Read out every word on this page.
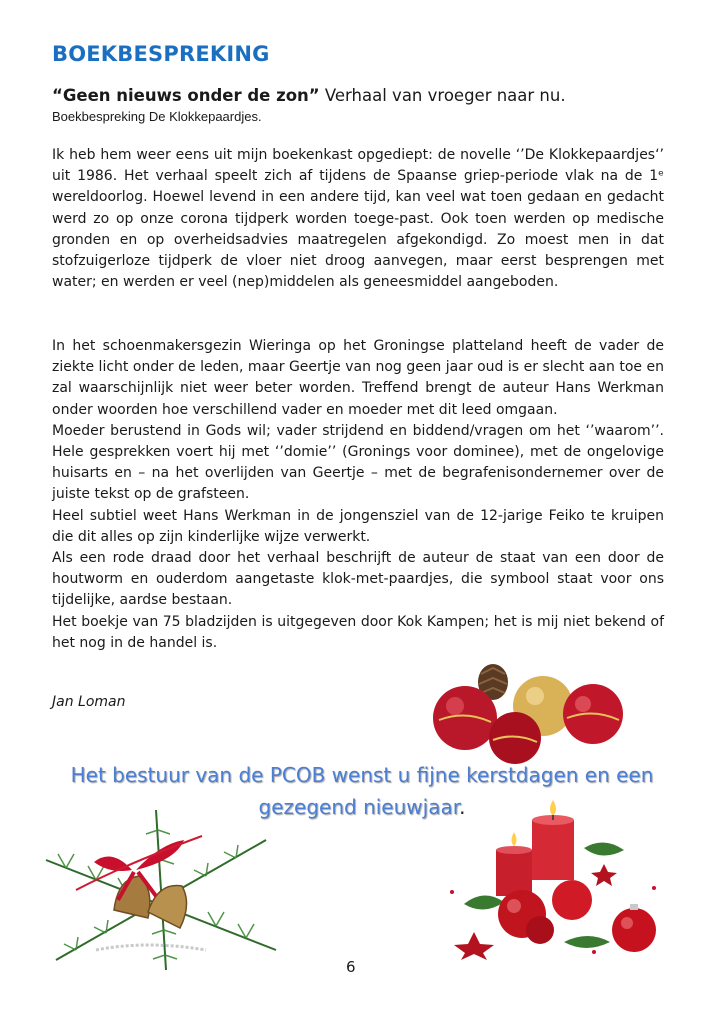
BOEKBESPREKING
“Geen nieuws onder de zon” Verhaal van vroeger naar nu.
Boekbespreking De Klokkepaardjes.

Ik heb hem weer eens uit mijn boekenkast opgediept: de novelle ‘’De Klokkepaardjes‘’ uit 1986. Het verhaal speelt zich af tijdens de Spaanse griep-periode vlak na de 1ᵉ wereldoorlog. Hoewel levend in een andere tijd, kan veel wat toen gedaan en gedacht werd zo op onze corona tijdperk worden toege-past. Ook toen werden op medische gronden en op overheidsadvies maatregelen afgekondigd. Zo moest men in dat stofzuigerloze tijdperk de vloer niet droog aanvegen, maar eerst besprengen met water; en werden er veel (nep)middelen als geneesmiddel aangeboden.

In het schoenmakersgezin Wieringa op het Groningse platteland heeft de vader de ziekte licht onder de leden, maar Geertje van nog geen jaar oud is er slecht aan toe en zal waarschijnlijk niet weer beter worden. Treffend brengt de auteur Hans Werkman onder woorden hoe verschillend vader en moeder met dit leed omgaan.
Moeder berustend in Gods wil; vader strijdend en biddend/vragen om het ‘’waarom’’. Hele gesprekken voert hij met ‘’domie’’ (Gronings voor dominee), met de ongelovige huisarts en – na het overlijden van Geertje – met de begrafenisondernemer over de juiste tekst op de grafsteen.
Heel subtiel weet Hans Werkman in de jongensziel van de 12-jarige Feiko te kruipen die dit alles op zijn kinderlijke wijze verwerkt.
Als een rode draad door het verhaal beschrijft de auteur de staat van een door de houtworm en ouderdom aangetaste klok-met-paardjes, die symbool staat voor ons tijdelijke, aardse bestaan.
Het boekje van 75 bladzijden is uitgegeven door Kok Kampen; het is mij niet bekend of het nog in de handel is.
Jan Loman
Het bestuur van de PCOB wenst u fijne kerstdagen en een
gezegend nieuwjaar.
6
